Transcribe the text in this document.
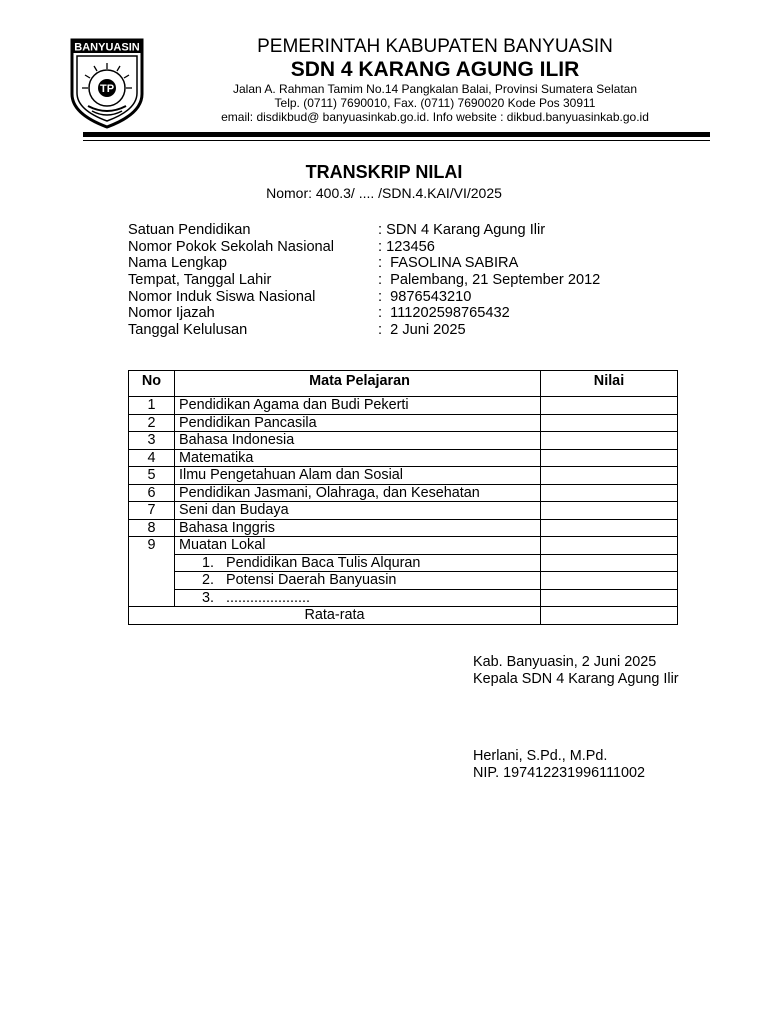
BANYUASIN
TP
PEMERINTAH KABUPATEN BANYUASIN
SDN 4 KARANG AGUNG ILIR
Jalan A. Rahman Tamim No.14 Pangkalan Balai, Provinsi Sumatera Selatan
Telp. (0711) 7690010, Fax. (0711) 7690020 Kode Pos 30911
email: disdikbud@ banyuasinkab.go.id. Info website : dikbud.banyuasinkab.go.id
TRANSKRIP NILAI
Nomor: 400.3/ .... /SDN.4.KAI/VI/2025
Satuan Pendidikan	: SDN 4 Karang Agung Ilir
Nomor Pokok Sekolah Nasional	: 123456
Nama Lengkap	:  FASOLINA SABIRA
Tempat, Tanggal Lahir	:  Palembang, 21 September 2012
Nomor Induk Siswa Nasional	:  9876543210
Nomor Ijazah	:  111202598765432
Tanggal Kelulusan	:  2 Juni 2025
No	Mata Pelajaran	Nilai
1	Pendidikan Agama dan Budi Pekerti	
2	Pendidikan Pancasila	
3	Bahasa Indonesia	
4	Matematika	
5	Ilmu Pengetahuan Alam dan Sosial	
6	Pendidikan Jasmani, Olahraga, dan Kesehatan	
7	Seni dan Budaya	
8	Bahasa Inggris	
9	Muatan Lokal	
	1. Pendidikan Baca Tulis Alquran	
	2. Potensi Daerah Banyuasin	
	3. .....................	
Rata-rata		
Kab. Banyuasin, 2 Juni 2025
Kepala SDN 4 Karang Agung Ilir
Herlani, S.Pd., M.Pd.
NIP. 197412231996111002
